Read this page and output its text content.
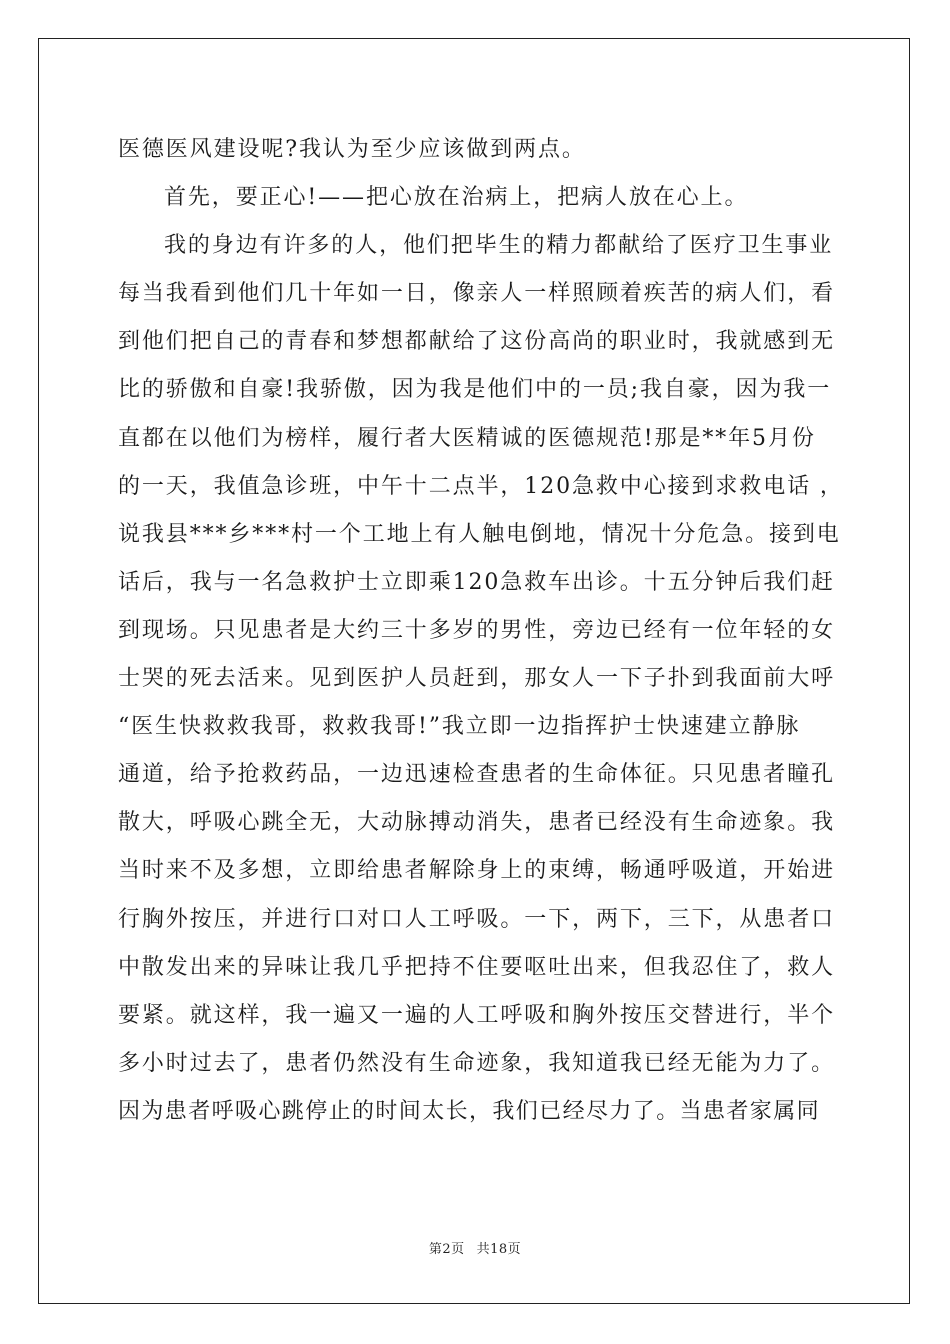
医德医风建设呢?我认为至少应该做到两点。
首先，要正心!——把心放在治病上，把病人放在心上。
我的身边有许多的人，他们把毕生的精力都献给了医疗卫生事业
每当我看到他们几十年如一日，像亲人一样照顾着疾苦的病人们，看
到他们把自己的青春和梦想都献给了这份高尚的职业时，我就感到无
比的骄傲和自豪!我骄傲，因为我是他们中的一员;我自豪，因为我一
直都在以他们为榜样，履行者大医精诚的医德规范!那是**年5月份
的一天，我值急诊班，中午十二点半，120急救中心接到求救电话 ，
说我县***乡***村一个工地上有人触电倒地，情况十分危急。接到电
话后，我与一名急救护士立即乘120急救车出诊。十五分钟后我们赶
到现场。只见患者是大约三十多岁的男性，旁边已经有一位年轻的女
士哭的死去活来。见到医护人员赶到，那女人一下子扑到我面前大呼
“医生快救救我哥，救救我哥!”我立即一边指挥护士快速建立静脉
通道，给予抢救药品，一边迅速检查患者的生命体征。只见患者瞳孔
散大，呼吸心跳全无，大动脉搏动消失，患者已经没有生命迹象。我
当时来不及多想，立即给患者解除身上的束缚，畅通呼吸道，开始进
行胸外按压，并进行口对口人工呼吸。一下，两下，三下，从患者口
中散发出来的异味让我几乎把持不住要呕吐出来，但我忍住了，救人
要紧。就这样，我一遍又一遍的人工呼吸和胸外按压交替进行，半个
多小时过去了，患者仍然没有生命迹象，我知道我已经无能为力了。
因为患者呼吸心跳停止的时间太长，我们已经尽力了。当患者家属同
第2页 共18页
